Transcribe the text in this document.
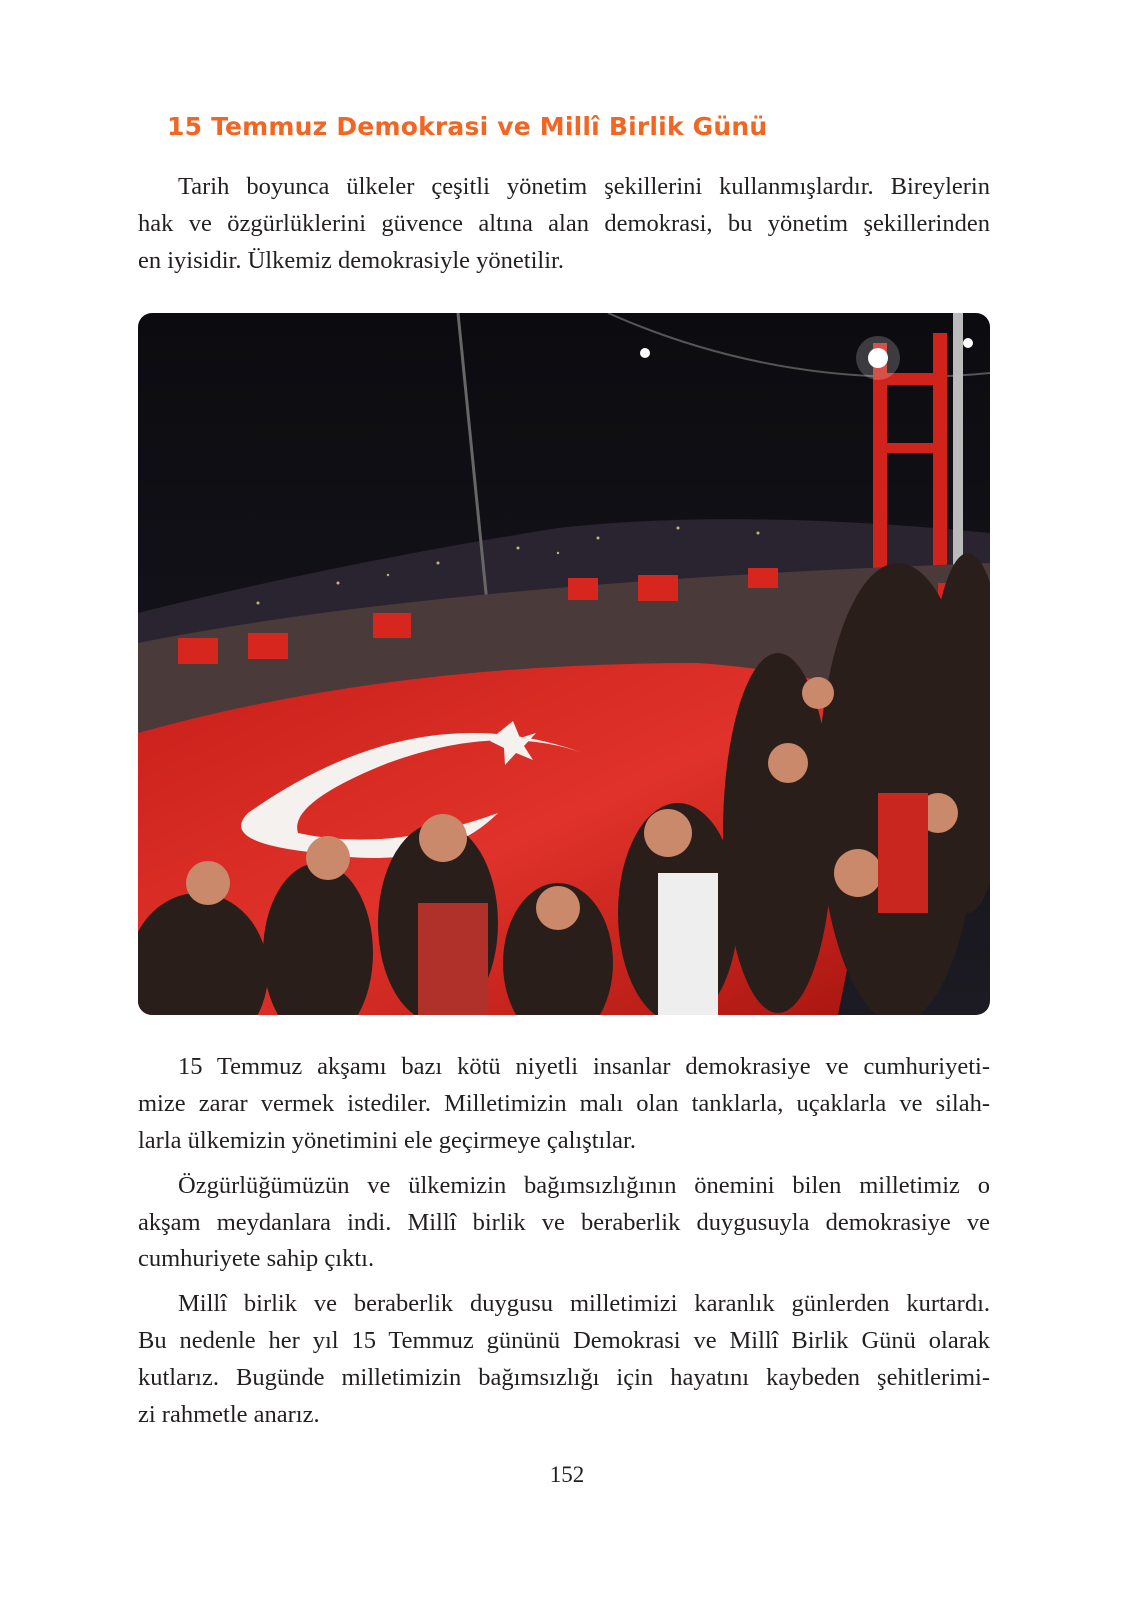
15 Temmuz Demokrasi ve Millî Birlik Günü
Tarih boyunca ülkeler çeşitli yönetim şekillerini kullanmışlardır. Bireylerin
hak ve özgürlüklerini güvence altına alan demokrasi, bu yönetim şekillerinden
en iyisidir. Ülkemiz demokrasiyle yönetilir.
15 Temmuz akşamı bazı kötü niyetli insanlar demokrasiye ve cumhuriyeti-
mize zarar vermek istediler. Milletimizin malı olan tanklarla, uçaklarla ve silah-
larla ülkemizin yönetimini ele geçirmeye çalıştılar.
Özgürlüğümüzün ve ülkemizin bağımsızlığının önemini bilen milletimiz o
akşam meydanlara indi. Millî birlik ve beraberlik duygusuyla demokrasiye ve
cumhuriyete sahip çıktı.
Millî birlik ve beraberlik duygusu milletimizi karanlık günlerden kurtardı.
Bu nedenle her yıl 15 Temmuz gününü Demokrasi ve Millî Birlik Günü olarak
kutlarız. Bugünde milletimizin bağımsızlığı için hayatını kaybeden şehitlerimi-
zi rahmetle anarız.
152
